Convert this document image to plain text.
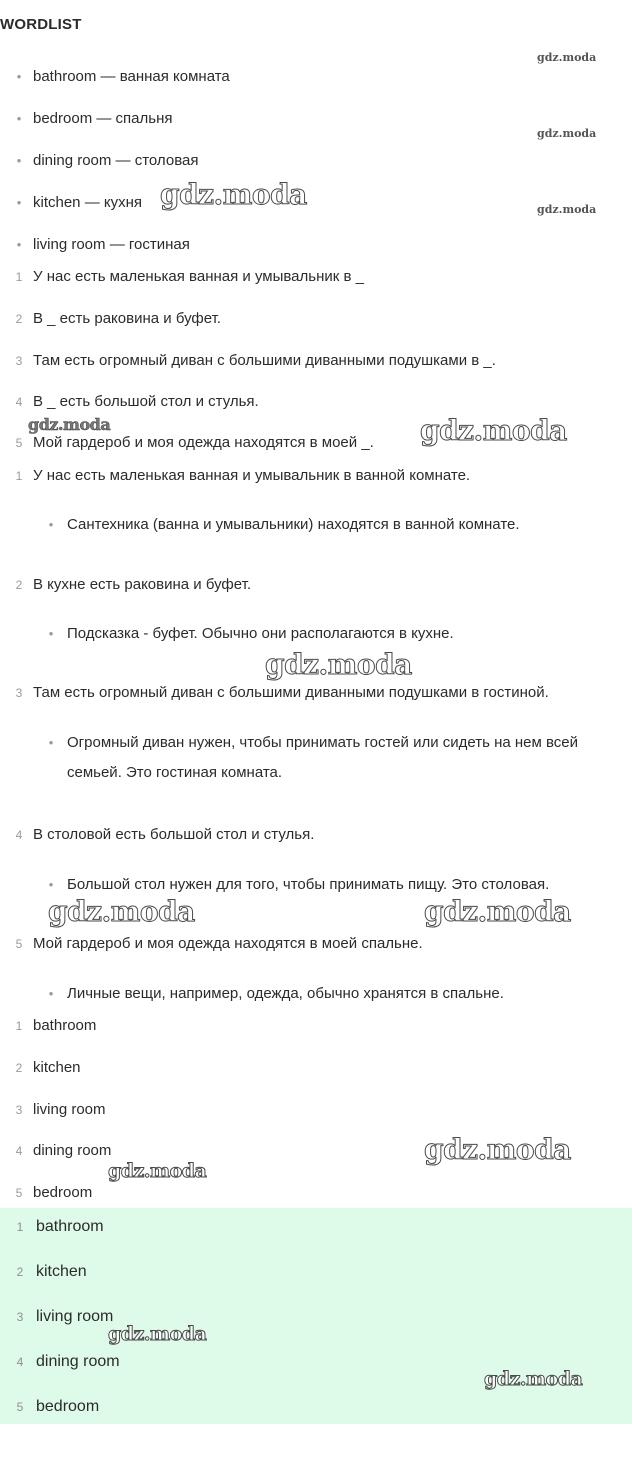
WORDLIST
• bathroom — ванная комната
• bedroom — спальня
• dining room — столовая
• kitchen — кухня
• living room — гостиная
1 У нас есть маленькая ванная и умывальник в _
2 В _ есть раковина и буфет.
3 Там есть огромный диван с большими диванными подушками в _.
4 В _ есть большой стол и стулья.
5 Мой гардероб и моя одежда находятся в моей _.
1 У нас есть маленькая ванная и умывальник в ванной комнате.
• Сантехника (ванна и умывальники) находятся в ванной комнате.
2 В кухне есть раковина и буфет.
• Подсказка - буфет. Обычно они располагаются в кухне.
3 Там есть огромный диван с большими диванными подушками в гостиной.
• Огромный диван нужен, чтобы принимать гостей или сидеть на нем всей семьей. Это гостиная комната.
4 В столовой есть большой стол и стулья.
• Большой стол нужен для того, чтобы принимать пищу. Это столовая.
5 Мой гардероб и моя одежда находятся в моей спальне.
• Личные вещи, например, одежда, обычно хранятся в спальне.
1 bathroom
2 kitchen
3 living room
4 dining room
5 bedroom
1 bathroom
2 kitchen
3 living room
4 dining room
5 bedroom
gdz.moda
gdz.moda
gdz.moda
gdz.moda
gdz.moda	gdz.moda
gdz.moda
gdz.moda	gdz.moda
gdz.moda
gdz.moda
gdz.moda
gdz.moda
